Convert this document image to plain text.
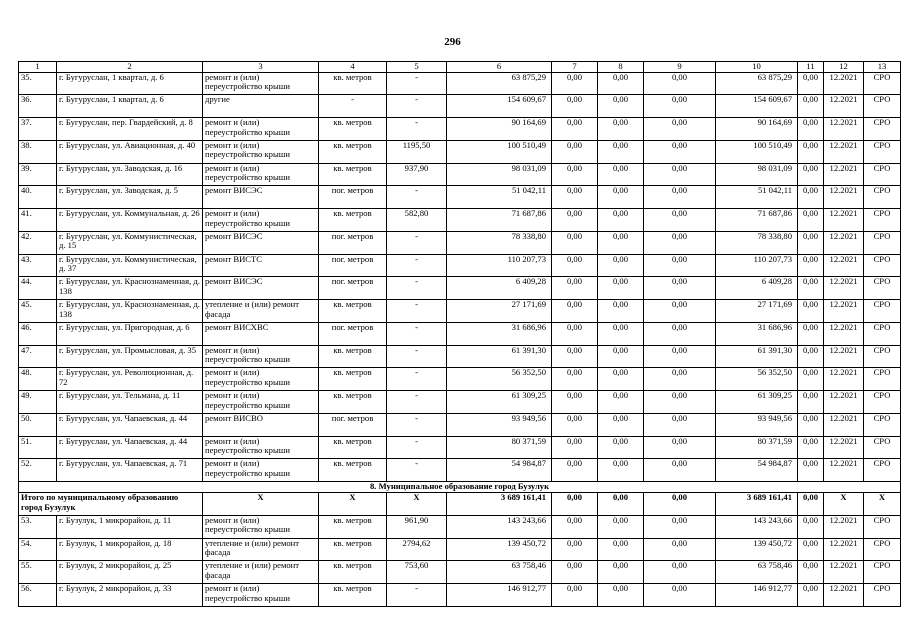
296
1	2	3	4	5	6	7	8	9	10	11	12	13
35.	г. Бугуруслан, 1 квартал, д. 6	ремонт и (или) переустройство крыши	кв. метров	-	63 875,29	0,00	0,00	0,00	63 875,29	0,00	12.2021	СРО
36.	г. Бугуруслан, 1 квартал, д. 6	другие	-	-	154 609,67	0,00	0,00	0,00	154 609,67	0,00	12.2021	СРО
37.	г. Бугуруслан, пер. Гвардейский, д. 8	ремонт и (или) переустройство крыши	кв. метров	-	90 164,69	0,00	0,00	0,00	90 164,69	0,00	12.2021	СРО
38.	г. Бугуруслан, ул. Авиационная, д. 40	ремонт и (или) переустройство крыши	кв. метров	1195,50	100 510,49	0,00	0,00	0,00	100 510,49	0,00	12.2021	СРО
39.	г. Бугуруслан, ул. Заводская, д. 16	ремонт и (или) переустройство крыши	кв. метров	937,90	98 031,09	0,00	0,00	0,00	98 031,09	0,00	12.2021	СРО
40.	г. Бугуруслан, ул. Заводская, д. 5	ремонт ВИСЭС	пог. метров	-	51 042,11	0,00	0,00	0,00	51 042,11	0,00	12.2021	СРО
41.	г. Бугуруслан, ул. Коммунальная, д. 26	ремонт и (или) переустройство крыши	кв. метров	582,80	71 687,86	0,00	0,00	0,00	71 687,86	0,00	12.2021	СРО
42.	г. Бугуруслан, ул. Коммунистическая, д. 15	ремонт ВИСЭС	пог. метров	-	78 338,80	0,00	0,00	0,00	78 338,80	0,00	12.2021	СРО
43.	г. Бугуруслан, ул. Коммунистическая, д. 37	ремонт ВИСТС	пог. метров	-	110 207,73	0,00	0,00	0,00	110 207,73	0,00	12.2021	СРО
44.	г. Бугуруслан, ул. Краснознаменная, д. 138	ремонт ВИСЭС	пог. метров	-	6 409,28	0,00	0,00	0,00	6 409,28	0,00	12.2021	СРО
45.	г. Бугуруслан, ул. Краснознаменная, д. 138	утепление и (или) ремонт фасада	кв. метров	-	27 171,69	0,00	0,00	0,00	27 171,69	0,00	12.2021	СРО
46.	г. Бугуруслан, ул. Пригородная, д. 6	ремонт ВИСХВС	пог. метров	-	31 686,96	0,00	0,00	0,00	31 686,96	0,00	12.2021	СРО
47.	г. Бугуруслан, ул. Промысловая, д. 35	ремонт и (или) переустройство крыши	кв. метров	-	61 391,30	0,00	0,00	0,00	61 391,30	0,00	12.2021	СРО
48.	г. Бугуруслан, ул. Революционная, д. 72	ремонт и (или) переустройство крыши	кв. метров	-	56 352,50	0,00	0,00	0,00	56 352,50	0,00	12.2021	СРО
49.	г. Бугуруслан, ул. Тельмана, д. 11	ремонт и (или) переустройство крыши	кв. метров	-	61 309,25	0,00	0,00	0,00	61 309,25	0,00	12.2021	СРО
50.	г. Бугуруслан, ул. Чапаевская, д. 44	ремонт ВИСВО	пог. метров	-	93 949,56	0,00	0,00	0,00	93 949,56	0,00	12.2021	СРО
51.	г. Бугуруслан, ул. Чапаевская, д. 44	ремонт и (или) переустройство крыши	кв. метров	-	80 371,59	0,00	0,00	0,00	80 371,59	0,00	12.2021	СРО
52.	г. Бугуруслан, ул. Чапаевская, д. 71	ремонт и (или) переустройство крыши	кв. метров	-	54 984,87	0,00	0,00	0,00	54 984,87	0,00	12.2021	СРО
8. Муниципальное образование город Бузулук												
Итого по муниципальному образованию город Бузулук		X	X	X	3 689 161,41	0,00	0,00	0,00	3 689 161,41	0,00	X	X
53.	г. Бузулук, 1 микрорайон, д. 11	ремонт и (или) переустройство крыши	кв. метров	961,90	143 243,66	0,00	0,00	0,00	143 243,66	0,00	12.2021	СРО
54.	г. Бузулук, 1 микрорайон, д. 18	утепление и (или) ремонт фасада	кв. метров	2794,62	139 450,72	0,00	0,00	0,00	139 450,72	0,00	12.2021	СРО
55.	г. Бузулук, 2 микрорайон, д. 25	утепление и (или) ремонт фасада	кв. метров	753,60	63 758,46	0,00	0,00	0,00	63 758,46	0,00	12.2021	СРО
56.	г. Бузулук, 2 микрорайон, д. 33	ремонт и (или) переустройство крыши	кв. метров	-	146 912,77	0,00	0,00	0,00	146 912,77	0,00	12.2021	СРО
